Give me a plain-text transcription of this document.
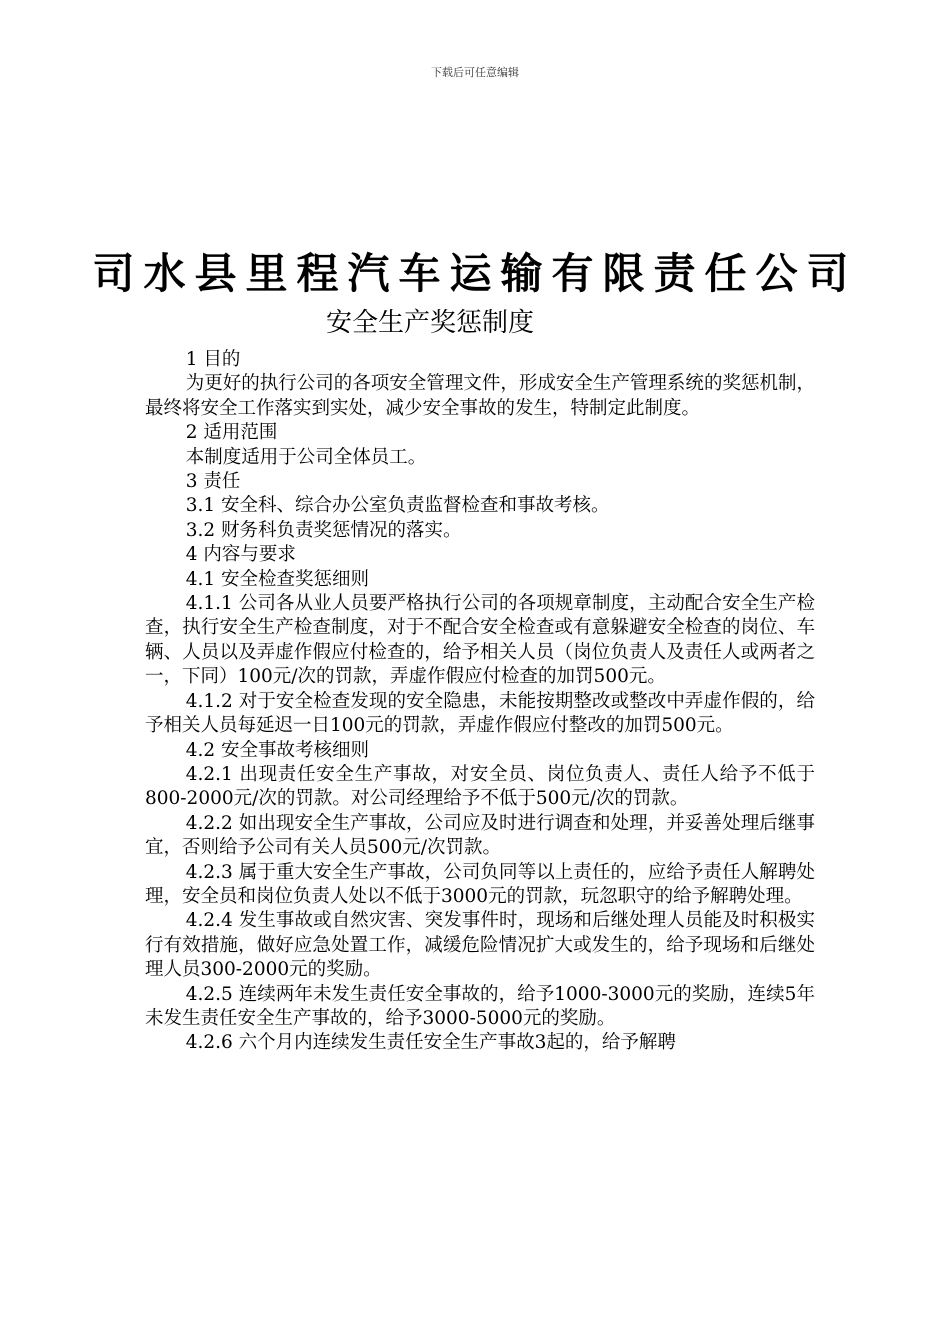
下载后可任意编辑
司水县里程汽车运输有限责任公司
安全生产奖惩制度

1 目的

为更好的执行公司的各项安全管理文件，形成安全生产管理系统的奖惩机制，最终将安全工作落实到实处，减少安全事故的发生，特制定此制度。

2 适用范围

本制度适用于公司全体员工。

3 责任

3.1 安全科、综合办公室负责监督检查和事故考核。

3.2 财务科负责奖惩情况的落实。

4 内容与要求

4.1 安全检查奖惩细则

4.1.1 公司各从业人员要严格执行公司的各项规章制度，主动配合安全生产检查，执行安全生产检查制度，对于不配合安全检查或有意躲避安全检查的岗位、车辆、人员以及弄虚作假应付检查的，给予相关人员（岗位负责人及责任人或两者之一，下同）100元/次的罚款，弄虚作假应付检查的加罚500元。

4.1.2 对于安全检查发现的安全隐患，未能按期整改或整改中弄虚作假的，给予相关人员每延迟一日100元的罚款，弄虚作假应付整改的加罚500元。

4.2 安全事故考核细则

4.2.1 出现责任安全生产事故，对安全员、岗位负责人、责任人给予不低于800-2000元/次的罚款。对公司经理给予不低于500元/次的罚款。

4.2.2 如出现安全生产事故，公司应及时进行调查和处理，并妥善处理后继事宜，否则给予公司有关人员500元/次罚款。

4.2.3 属于重大安全生产事故，公司负同等以上责任的，应给予责任人解聘处理，安全员和岗位负责人处以不低于3000元的罚款，玩忽职守的给予解聘处理。

4.2.4 发生事故或自然灾害、突发事件时，现场和后继处理人员能及时积极实行有效措施，做好应急处置工作，减缓危险情况扩大或发生的，给予现场和后继处理人员300-2000元的奖励。

4.2.5 连续两年未发生责任安全事故的，给予1000-3000元的奖励，连续5年未发生责任安全生产事故的，给予3000-5000元的奖励。

4.2.6 六个月内连续发生责任安全生产事故3起的，给予解聘
